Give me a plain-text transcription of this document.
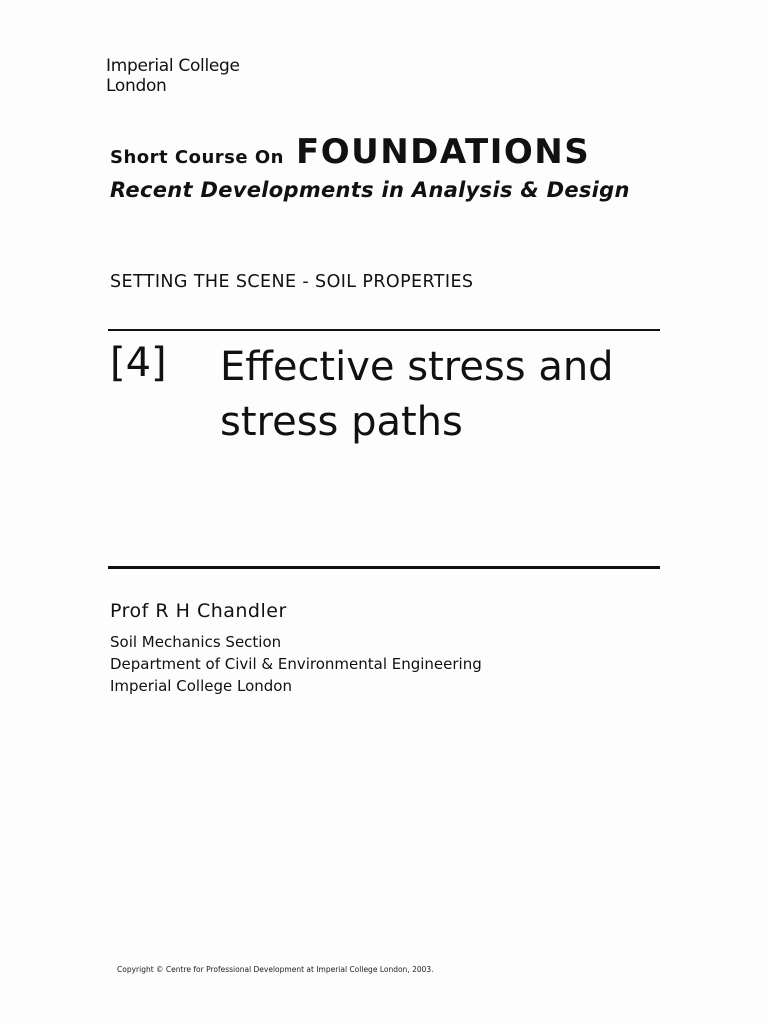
Imperial College
London
Short Course On FOUNDATIONS
Recent Developments in Analysis & Design
SETTING THE SCENE - SOIL PROPERTIES
[4] Effective stress and stress paths
Prof R H Chandler
Soil Mechanics Section
Department of Civil & Environmental Engineering
Imperial College London
Copyright © Centre for Professional Development at Imperial College London, 2003.
